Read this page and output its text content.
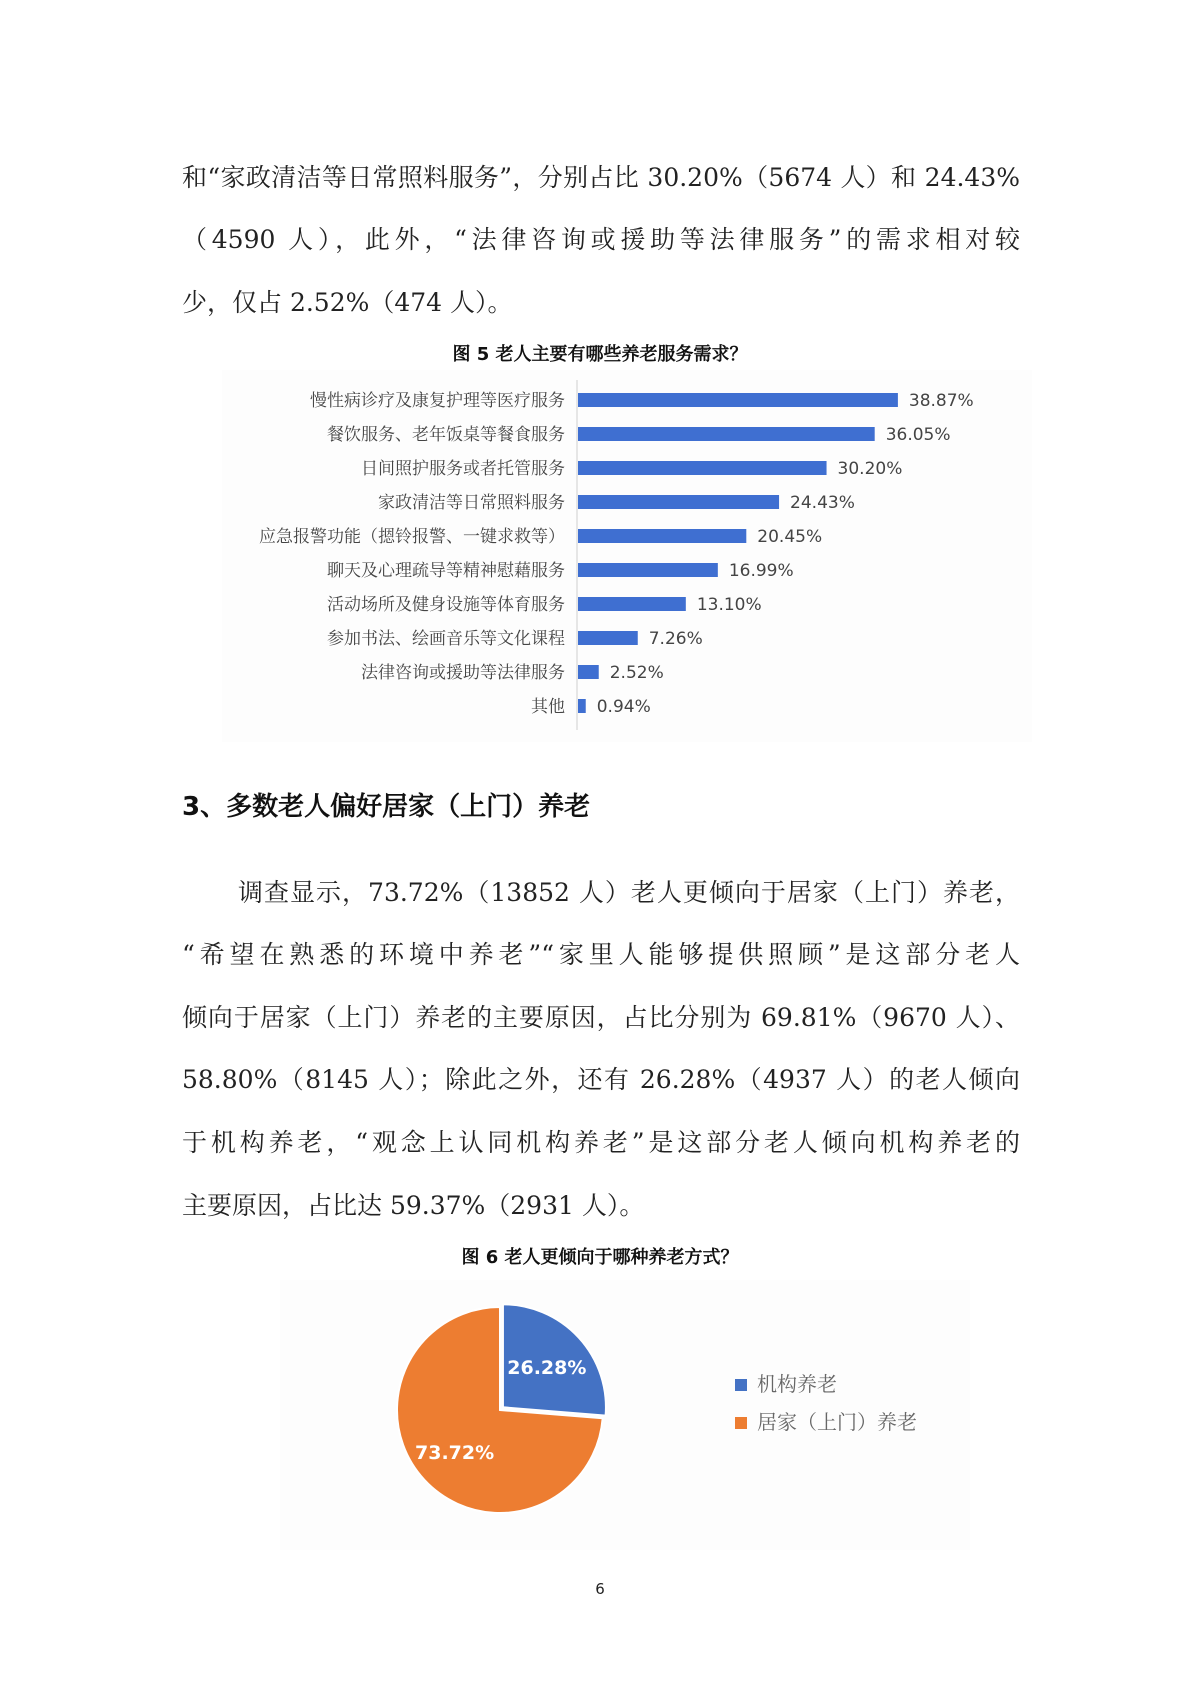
和“家政清洁等日常照料服务”，分别占比 30.20%（5674 人）和 24.43%
（4590 人），此外，“法律咨询或援助等法律服务”的需求相对较
少，仅占 2.52%（474 人）。
图 5 老人主要有哪些养老服务需求？
慢性病诊疗及康复护理等医疗服务	38.87%
餐饮服务、老年饭桌等餐食服务	36.05%
日间照护服务或者托管服务	30.20%
家政清洁等日常照料服务	24.43%
应急报警功能（摁铃报警、一键求救等）	20.45%
聊天及心理疏导等精神慰藉服务	16.99%
活动场所及健身设施等体育服务	13.10%
参加书法、绘画音乐等文化课程	7.26%
法律咨询或援助等法律服务	2.52%
其他 0.94%
3、多数老人偏好居家（上门）养老
调查显示，73.72%（13852 人）老人更倾向于居家（上门）养老，
“希望在熟悉的环境中养老”“家里人能够提供照顾”是这部分老人
倾向于居家（上门）养老的主要原因，占比分别为 69.81%（9670 人）、
58.80%（8145 人）；除此之外，还有 26.28%（4937 人）的老人倾向
于机构养老，“观念上认同机构养老”是这部分老人倾向机构养老的
主要原因，占比达 59.37%（2931 人）。
图 6 老人更倾向于哪种养老方式？
26.28%
机构养老
73.72%
居家（上门）养老
6
